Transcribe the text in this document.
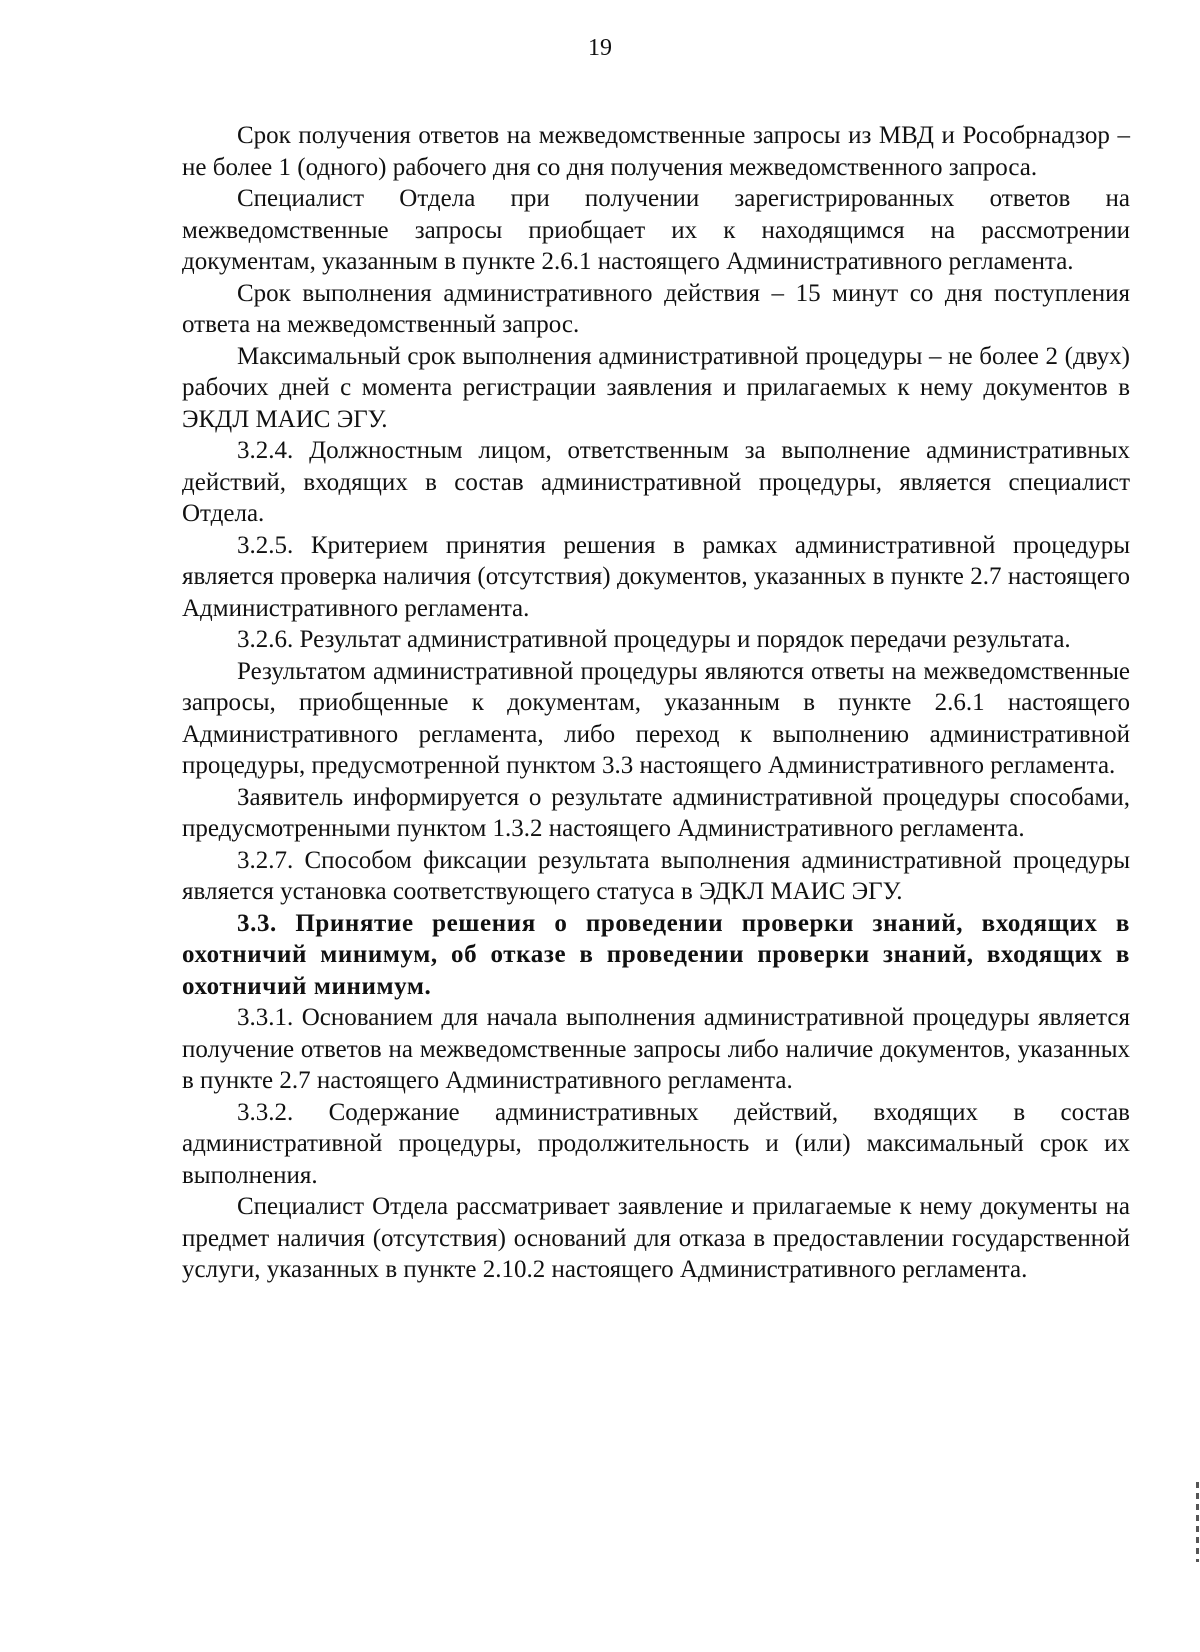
19

Срок получения ответов на межведомственные запросы из МВД и Рособрнадзор – не более 1 (одного) рабочего дня со дня получения межведомственного запроса.

Специалист Отдела при получении зарегистрированных ответов на межведомственные запросы приобщает их к находящимся на рассмотрении документам, указанным в пункте 2.6.1 настоящего Административного регламента.

Срок выполнения административного действия – 15 минут со дня поступления ответа на межведомственный запрос.

Максимальный срок выполнения административной процедуры – не более 2 (двух) рабочих дней с момента регистрации заявления и прилагаемых к нему документов в ЭКДЛ МАИС ЭГУ.

3.2.4. Должностным лицом, ответственным за выполнение административных действий, входящих в состав административной процедуры, является специалист Отдела.

3.2.5. Критерием принятия решения в рамках административной процедуры является проверка наличия (отсутствия) документов, указанных в пункте 2.7 настоящего Административного регламента.

3.2.6. Результат административной процедуры и порядок передачи результата.

Результатом административной процедуры являются ответы на межведомственные запросы, приобщенные к документам, указанным в пункте 2.6.1 настоящего Административного регламента, либо переход к выполнению административной процедуры, предусмотренной пунктом 3.3 настоящего Административного регламента.

Заявитель информируется о результате административной процедуры способами, предусмотренными пунктом 1.3.2 настоящего Административного регламента.

3.2.7. Способом фиксации результата выполнения административной процедуры является установка соответствующего статуса в ЭДКЛ МАИС ЭГУ.

3.3. Принятие решения о проведении проверки знаний, входящих в охотничий минимум, об отказе в проведении проверки знаний, входящих в охотничий минимум.

3.3.1. Основанием для начала выполнения административной процедуры является получение ответов на межведомственные запросы либо наличие документов, указанных в пункте 2.7 настоящего Административного регламента.

3.3.2. Содержание административных действий, входящих в состав административной процедуры, продолжительность и (или) максимальный срок их выполнения.

Специалист Отдела рассматривает заявление и прилагаемые к нему документы на предмет наличия (отсутствия) оснований для отказа в предоставлении государственной услуги, указанных в пункте 2.10.2 настоящего Административного регламента.
